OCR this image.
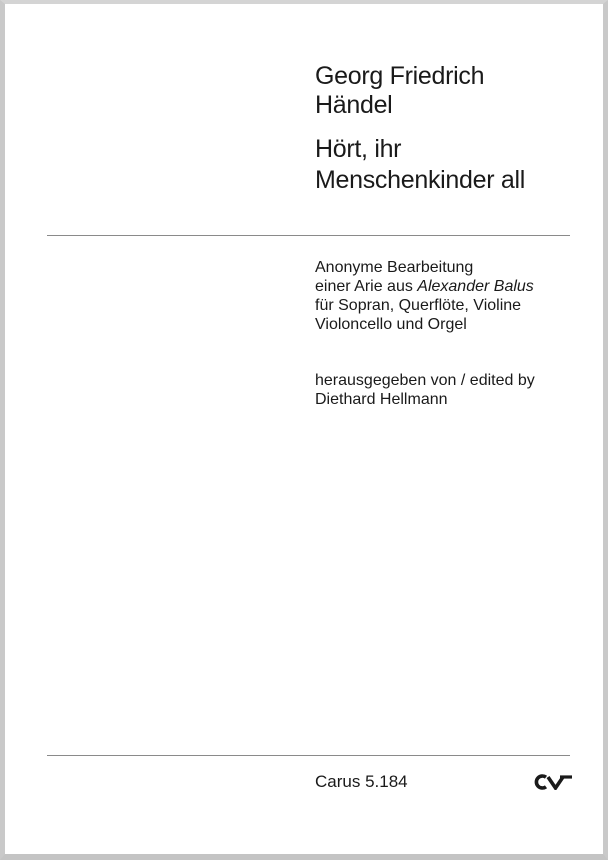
Georg Friedrich
Händel
Hört, ihr
Menschenkinder all
Anonyme Bearbeitung
einer Arie aus Alexander Balus
für Sopran, Querflöte, Violine
Violoncello und Orgel
herausgegeben von / edited by
Diethard Hellmann
Carus 5.184
